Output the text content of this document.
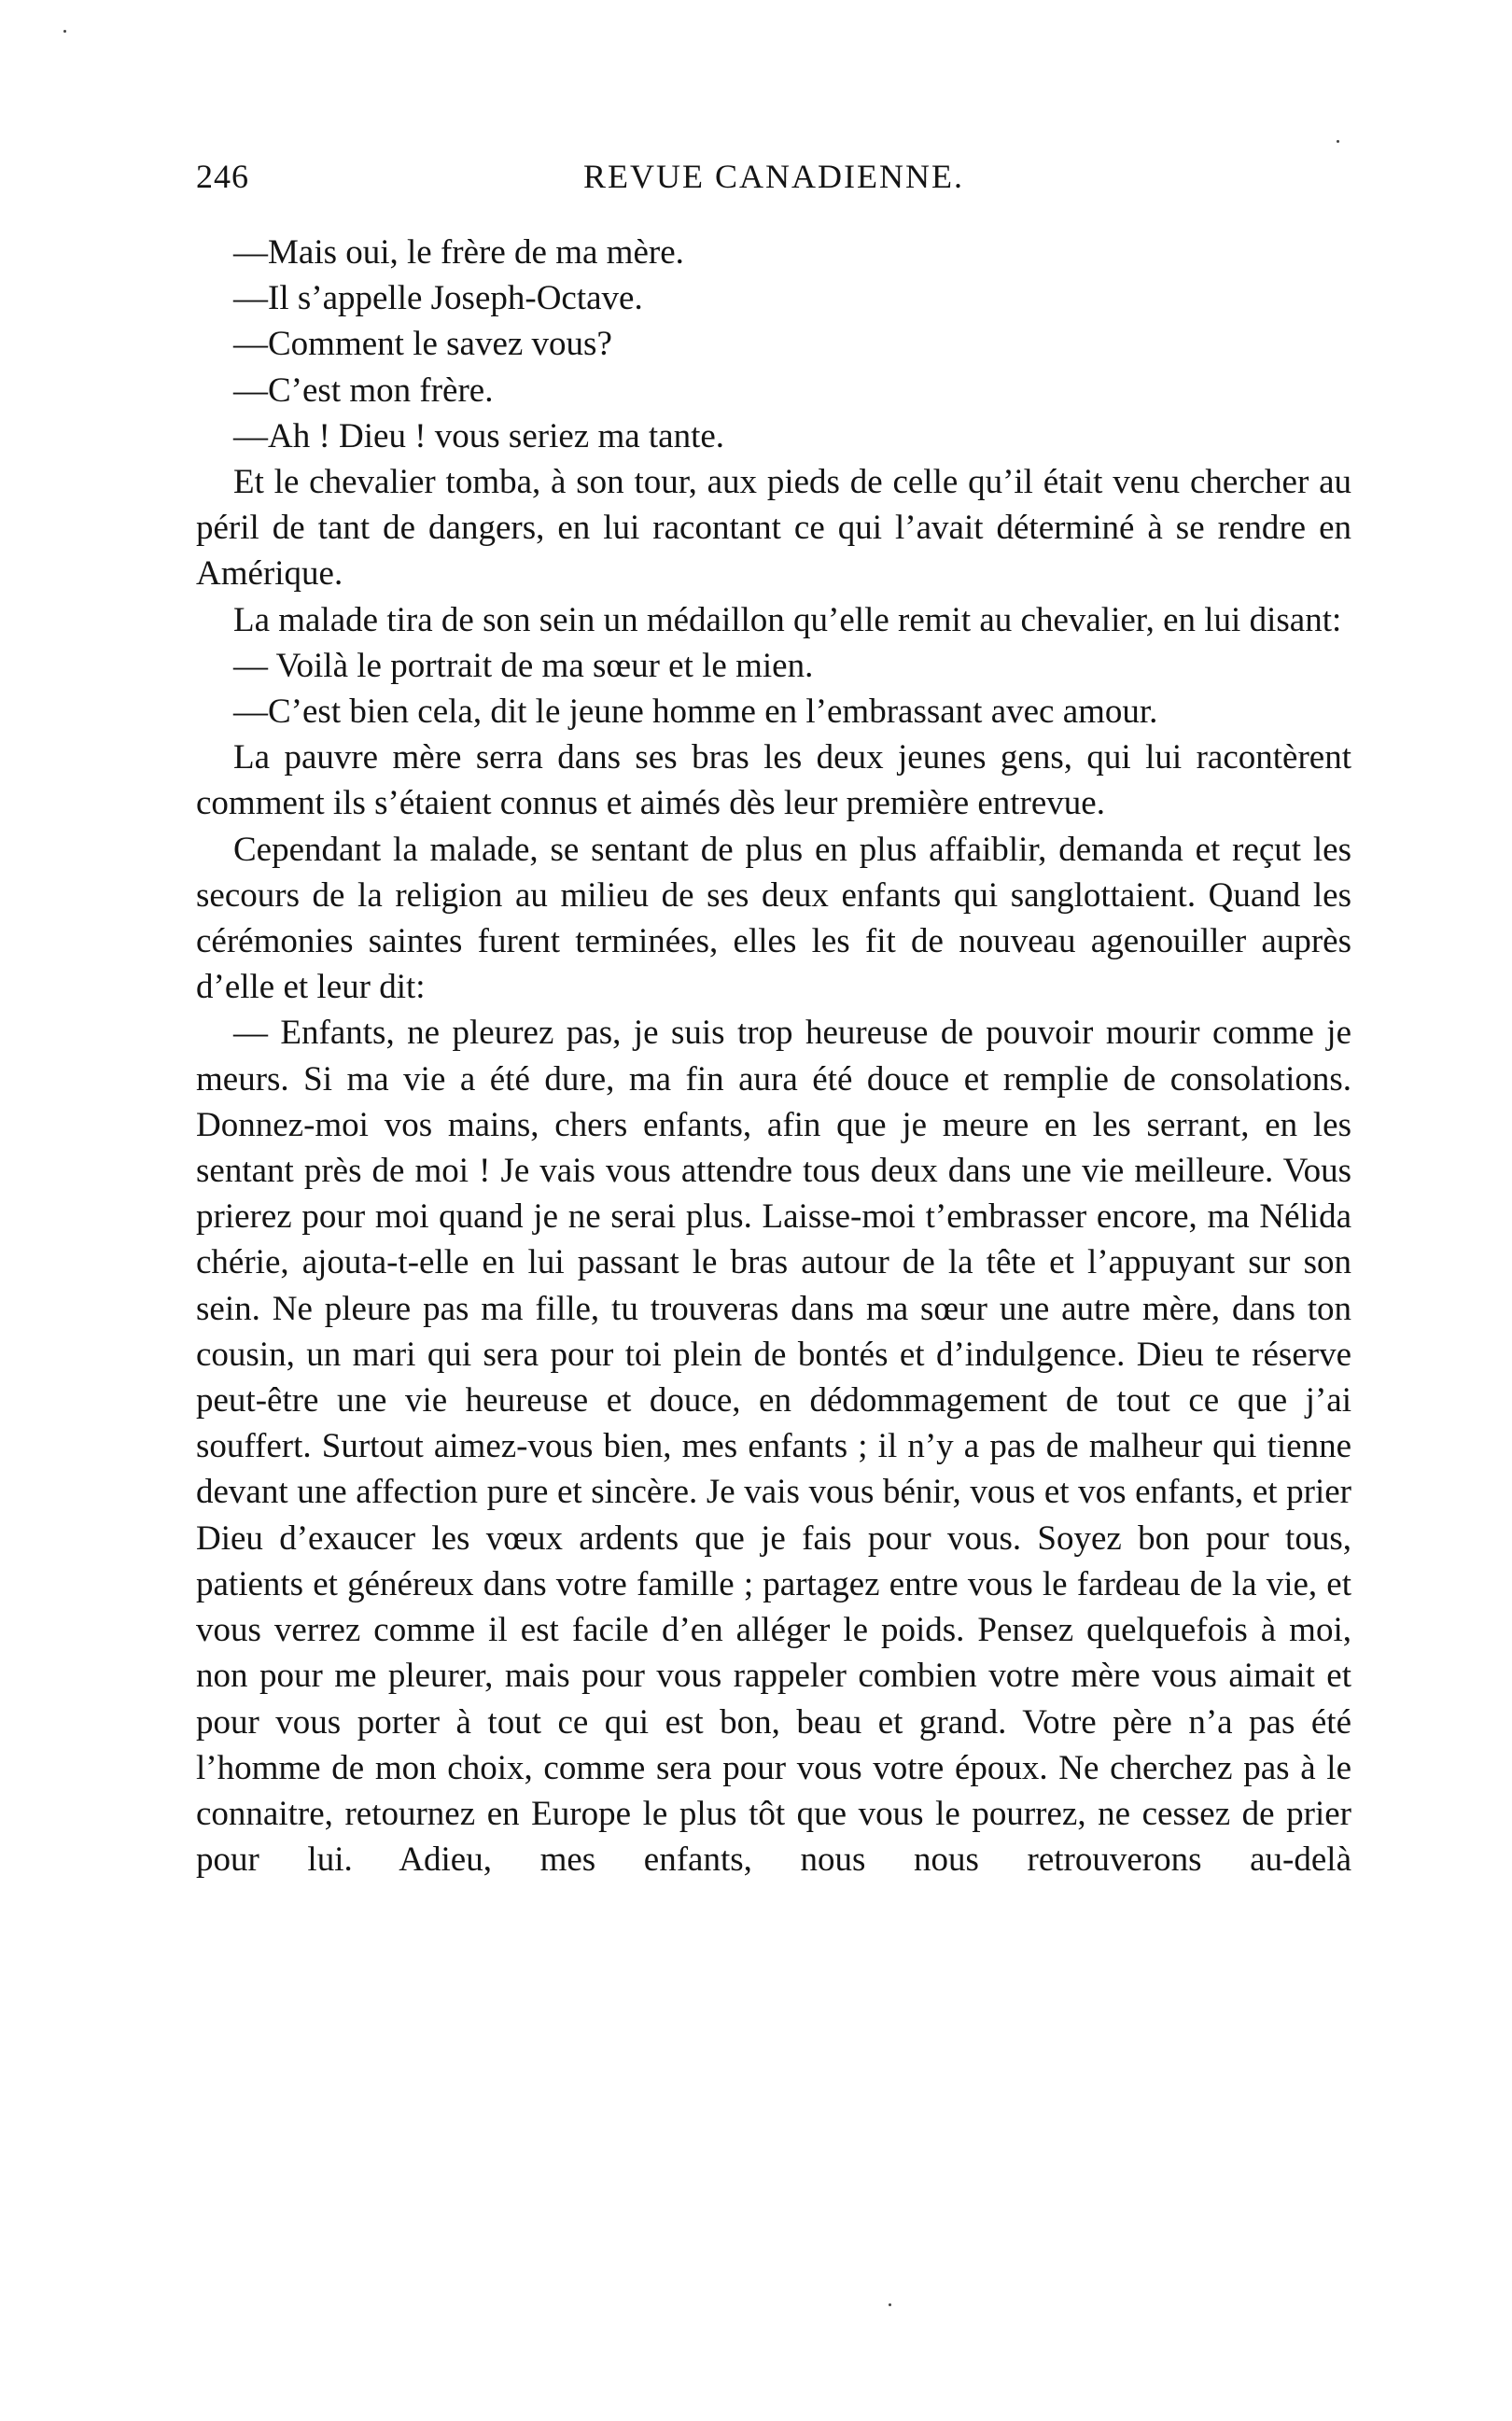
246	REVUE CANADIENNE.

—Mais oui, le frère de ma mère.

—Il s’appelle Joseph-Octave.

—Comment le savez vous?

—C’est mon frère.

—Ah ! Dieu ! vous seriez ma tante.

Et le chevalier tomba, à son tour, aux pieds de celle qu’il était venu chercher au péril de tant de dangers, en lui racontant ce qui l’avait déterminé à se rendre en Amérique.

La malade tira de son sein un médaillon qu’elle remit au chevalier, en lui disant:

— Voilà le portrait de ma sœur et le mien.

—C’est bien cela, dit le jeune homme en l’embrassant avec amour.

La pauvre mère serra dans ses bras les deux jeunes gens, qui lui racontèrent comment ils s’étaient connus et aimés dès leur première entrevue.

Cependant la malade, se sentant de plus en plus affaiblir, demanda et reçut les secours de la religion au milieu de ses deux enfants qui sanglottaient. Quand les cérémonies saintes furent terminées, elles les fit de nouveau agenouiller auprès d’elle et leur dit:

— Enfants, ne pleurez pas, je suis trop heureuse de pouvoir mourir comme je meurs. Si ma vie a été dure, ma fin aura été douce et remplie de consolations. Donnez-moi vos mains, chers enfants, afin que je meure en les serrant, en les sentant près de moi ! Je vais vous attendre tous deux dans une vie meilleure. Vous prierez pour moi quand je ne serai plus. Laisse-moi t’embrasser encore, ma Nélida chérie, ajouta-t-elle en lui passant le bras autour de la tête et l’appuyant sur son sein. Ne pleure pas ma fille, tu trouveras dans ma sœur une autre mère, dans ton cousin, un mari qui sera pour toi plein de bontés et d’indulgence. Dieu te réserve peut-être une vie heureuse et douce, en dédommagement de tout ce que j’ai souffert. Surtout aimez-vous bien, mes enfants ; il n’y a pas de malheur qui tienne devant une affection pure et sincère. Je vais vous bénir, vous et vos enfants, et prier Dieu d’exaucer les vœux ardents que je fais pour vous. Soyez bon pour tous, patients et généreux dans votre famille ; partagez entre vous le fardeau de la vie, et vous verrez comme il est facile d’en alléger le poids. Pensez quelquefois à moi, non pour me pleurer, mais pour vous rappeler combien votre mère vous aimait et pour vous porter à tout ce qui est bon, beau et grand. Votre père n’a pas été l’homme de mon choix, comme sera pour vous votre époux. Ne cherchez pas à le connaitre, retournez en Europe le plus tôt que vous le pourrez, ne cessez de prier pour lui. Adieu, mes enfants, nous nous retrouverons au-delà
